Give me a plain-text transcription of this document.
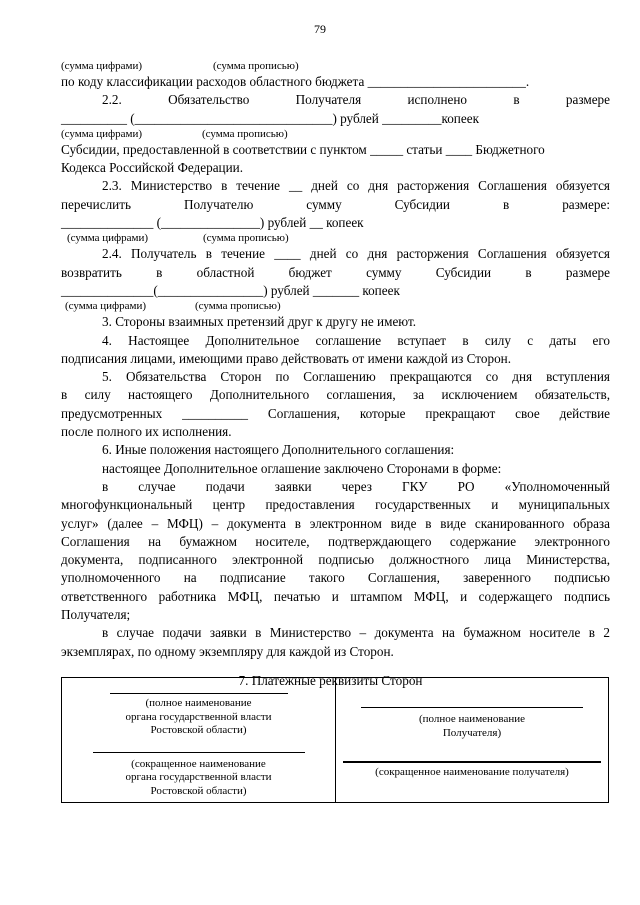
79
(сумма цифрами)	(сумма прописью)
по коду классификации расходов областного бюджета ________________________.
2.2. Обязательство Получателя исполнено в размере
__________ (______________________________) рублей _________копеек
(сумма цифрами)	(сумма прописью)
Субсидии, предоставленной в соответствии с пунктом _____ статьи ____ Бюджетного
Кодекса Российской Федерации.
2.3. Министерство в течение __ дней со дня расторжения Соглашения обязуется
перечислить Получателю сумму Субсидии в размере:
______________ (_______________) рублей __ копеек
(сумма цифрами)	(сумма прописью)
2.4. Получатель в течение ____ дней со дня расторжения Соглашения обязуется
возвратить в областной бюджет сумму Субсидии в размере
______________(________________) рублей _______ копеек
(сумма цифрами)	(сумма прописью)
3. Стороны взаимных претензий друг к другу не имеют.
4. Настоящее Дополнительное соглашение вступает в силу с даты его
подписания лицами, имеющими право действовать от имени каждой из Сторон.
5. Обязательства Сторон по Соглашению прекращаются со дня вступления
в силу настоящего Дополнительного соглашения, за исключением обязательств,
предусмотренных __________ Соглашения, которые прекращают свое действие
после полного их исполнения.
6. Иные положения настоящего Дополнительного соглашения:
настоящее Дополнительное оглашение заключено Сторонами в форме:
в случае подачи заявки через ГКУ РО «Уполномоченный
многофункциональный центр предоставления государственных и муниципальных
услуг» (далее – МФЦ) – документа в электронном виде в виде сканированного образа
Соглашения на бумажном носителе, подтверждающего содержание электронного
документа, подписанного электронной подписью должностного лица Министерства,
уполномоченного на подписание такого Соглашения, заверенного подписью
ответственного работника МФЦ, печатью и штампом МФЦ, и содержащего подпись
Получателя;
в случае подачи заявки в Министерство – документа на бумажном носителе в 2
экземплярах, по одному экземпляру для каждой из Сторон.
7. Платежные реквизиты Сторон
(полное наименование
органа государственной власти
Ростовской области)
(сокращенное наименование
органа государственной власти
Ростовской области)

(полное наименование
Получателя)
(сокращенное наименование получателя)
